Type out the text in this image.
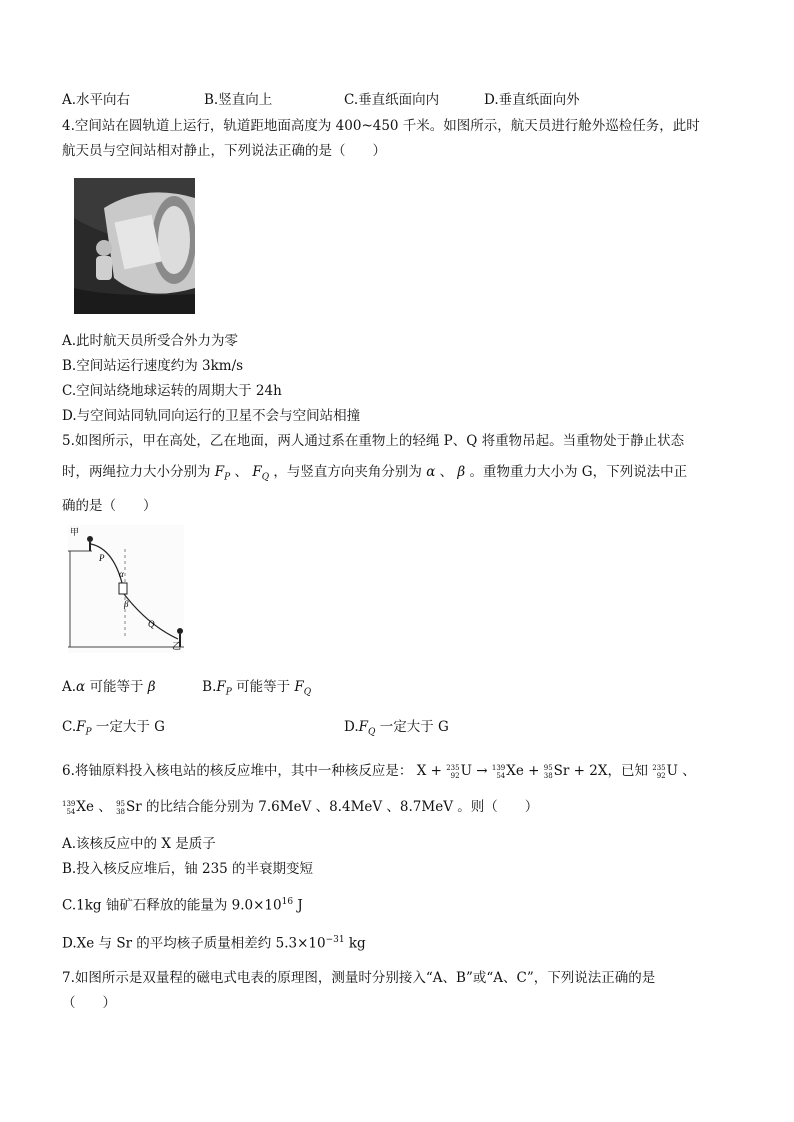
A.水平向右	B.竖直向上	C.垂直纸面向内	D.垂直纸面向外
4.空间站在圆轨道上运行，轨道距地面高度为 400~450 千米。如图所示，航天员进行舱外巡检任务，此时
航天员与空间站相对静止，下列说法正确的是（　　）
A.此时航天员所受合外力为零
B.空间站运行速度约为 3km/s
C.空间站绕地球运转的周期大于 24h
D.与空间站同轨同向运行的卫星不会与空间站相撞
5.如图所示，甲在高处，乙在地面，两人通过系在重物上的轻绳 P、Q 将重物吊起。当重物处于静止状态
时，两绳拉力大小分别为 $F_P$ 、 $F_Q$ ，与竖直方向夹角分别为 α 、 β 。重物重力大小为 G，下列说法中正
确的是（　　）
甲
P
α
β
Q
乙
A.α 可能等于 β	$B.F_P$ 可能等于 $F_Q$
$C.F_P$ 一定大于 G	$D.F_Q$ 一定大于 G
6.将铀原料投入核电站的核反应堆中，其中一种核反应是： X + 235
92 U → 139
54 Xe + 95
38 Sr + 2X，已知 235
92 U 、
139
54 Xe 、 95
38 Sr 的比结合能分别为 7.6MeV 、8.4MeV 、8.7MeV 。则（　　）
A.该核反应中的 X 是质子
B.投入核反应堆后，铀 235 的半衰期变短
C.1kg 铀矿石释放的能量为 $9.0\times 10^{16}$ J
D.Xe 与 Sr 的平均核子质量相差约 $5.3\times 10^{-31}$ kg
7.如图所示是双量程的磁电式电表的原理图，测量时分别接入“A、B”或“A、C”，下列说法正确的是
（　　）
